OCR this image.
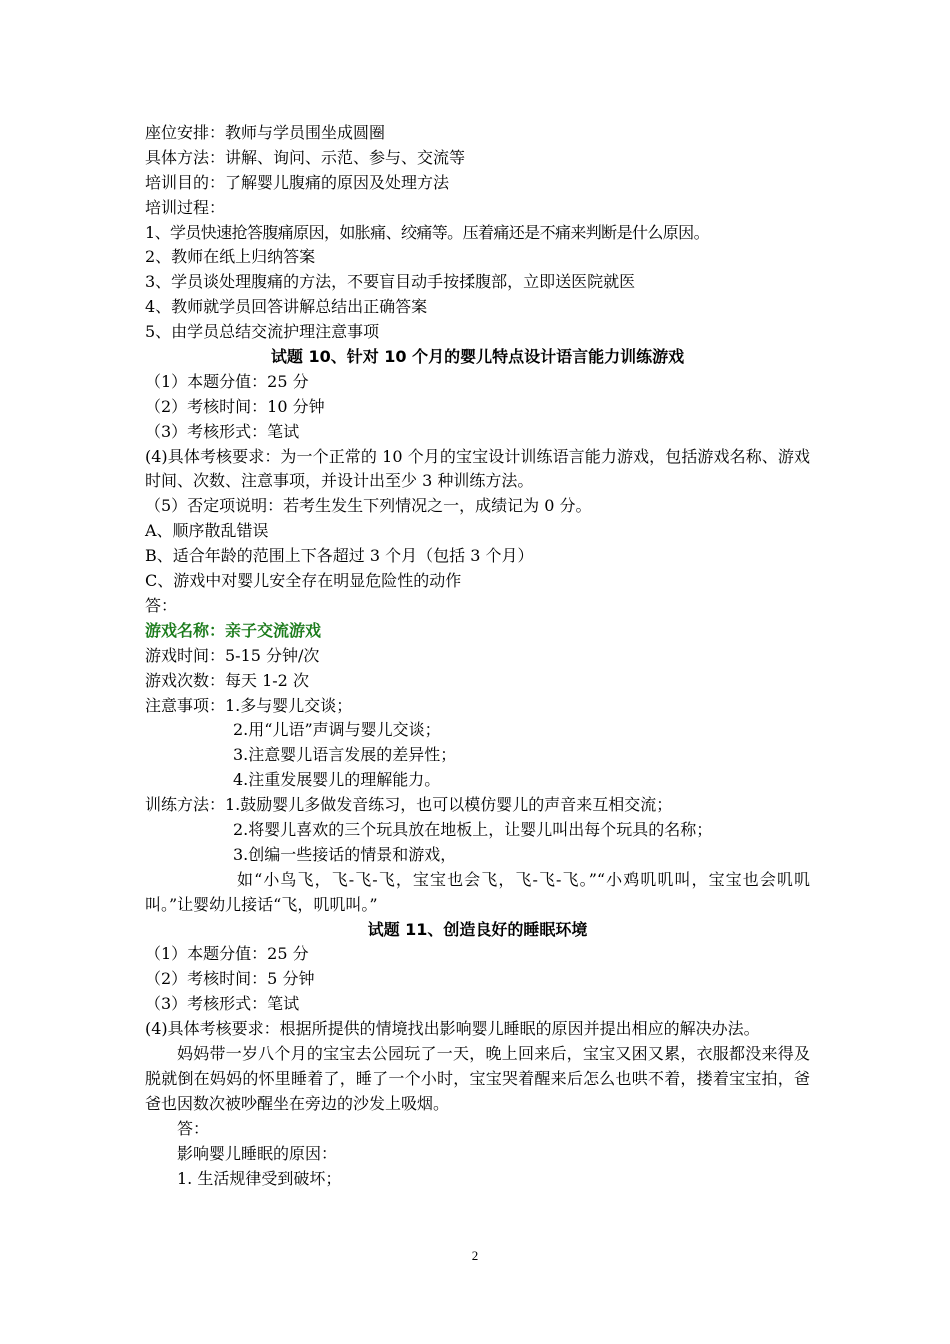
座位安排：教师与学员围坐成圆圈
具体方法：讲解、询问、示范、参与、交流等
培训目的：了解婴儿腹痛的原因及处理方法
培训过程：
1、学员快速抢答腹痛原因，如胀痛、绞痛等。压着痛还是不痛来判断是什么原因。
2、教师在纸上归纳答案
3、学员谈处理腹痛的方法，不要盲目动手按揉腹部，立即送医院就医
4、教师就学员回答讲解总结出正确答案
5、由学员总结交流护理注意事项
试题 10、针对 10 个月的婴儿特点设计语言能力训练游戏
（1）本题分值：25 分
（2）考核时间：10 分钟
（3）考核形式：笔试
(4)具体考核要求：为一个正常的 10 个月的宝宝设计训练语言能力游戏，包括游戏名称、游戏时间、次数、注意事项，并设计出至少 3 种训练方法。
（5）否定项说明：若考生发生下列情况之一，成绩记为 0 分。
A、顺序散乱错误
B、适合年龄的范围上下各超过 3 个月（包括 3 个月）
C、游戏中对婴儿安全存在明显危险性的动作
答：
游戏名称：亲子交流游戏
游戏时间：5-15 分钟/次
游戏次数：每天 1-2 次
注意事项：1.多与婴儿交谈；
2.用“儿语”声调与婴儿交谈；
3.注意婴儿语言发展的差异性；
4.注重发展婴儿的理解能力。
训练方法：1.鼓励婴儿多做发音练习，也可以模仿婴儿的声音来互相交流；
2.将婴儿喜欢的三个玩具放在地板上，让婴儿叫出每个玩具的名称；
3.创编一些接话的情景和游戏，
如“小鸟飞，飞-飞-飞，宝宝也会飞，飞-飞-飞。”“小鸡叽叽叫，宝宝也会叽叽叫。”让婴幼儿接话“飞，叽叽叫。”
试题 11、创造良好的睡眠环境
（1）本题分值：25 分
（2）考核时间：5 分钟
（3）考核形式：笔试
(4)具体考核要求：根据所提供的情境找出影响婴儿睡眠的原因并提出相应的解决办法。
妈妈带一岁八个月的宝宝去公园玩了一天，晚上回来后，宝宝又困又累，衣服都没来得及脱就倒在妈妈的怀里睡着了，睡了一个小时，宝宝哭着醒来后怎么也哄不着，搂着宝宝拍，爸爸也因数次被吵醒坐在旁边的沙发上吸烟。
答：
影响婴儿睡眠的原因：
1. 生活规律受到破坏；
2
